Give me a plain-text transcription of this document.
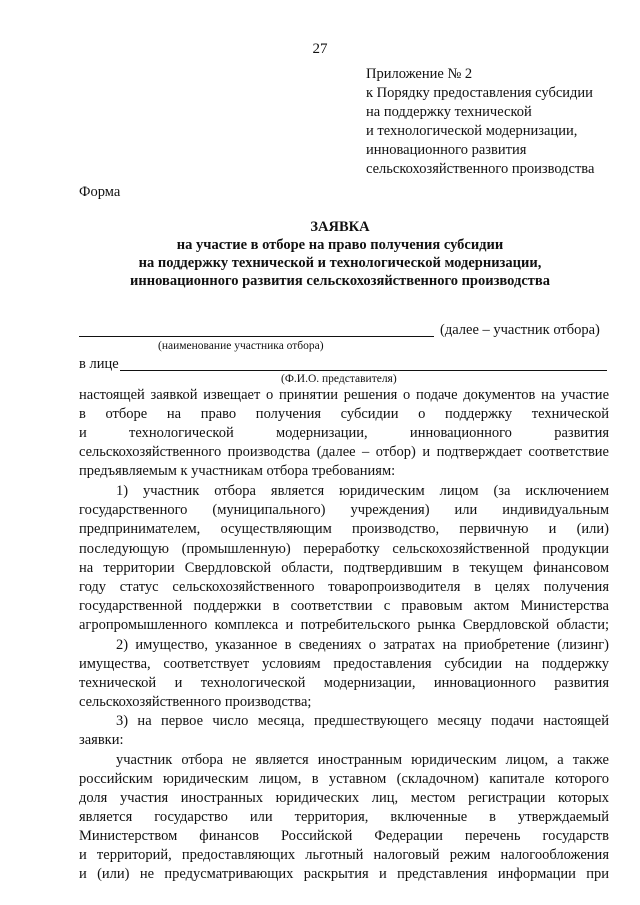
27
Приложение № 2
к Порядку предоставления субсидии
на поддержку технической
и технологической модернизации,
инновационного развития
сельскохозяйственного производства
Форма
ЗАЯВКА
на участие в отборе на право получения субсидии
на поддержку технической и технологической модернизации,
инновационного развития сельскохозяйственного производства
(далее – участник отбора)
(наименование участника отбора)
в лице
(Ф.И.О. представителя)
настоящей заявкой извещает о принятии решения о подаче документов на участие
в отборе на право получения субсидии о поддержку технической
и технологической модернизации, инновационного развития
сельскохозяйственного производства (далее – отбор) и подтверждает соответствие
предъявляемым к участникам отбора требованиям:
1) участник отбора является юридическим лицом (за исключением
государственного (муниципального) учреждения) или индивидуальным
предпринимателем, осуществляющим производство, первичную и (или)
последующую (промышленную) переработку сельскохозяйственной продукции
на территории Свердловской области, подтвердившим в текущем финансовом
году статус сельскохозяйственного товаропроизводителя в целях получения
государственной поддержки в соответствии с правовым актом Министерства
агропромышленного комплекса и потребительского рынка Свердловской области;
2) имущество, указанное в сведениях о затратах на приобретение (лизинг)
имущества, соответствует условиям предоставления субсидии на поддержку
технической и технологической модернизации, инновационного развития
сельскохозяйственного производства;
3) на первое число месяца, предшествующего месяцу подачи настоящей
заявки:
участник отбора не является иностранным юридическим лицом, а также
российским юридическим лицом, в уставном (складочном) капитале которого
доля участия иностранных юридических лиц, местом регистрации которых
является государство или территория, включенные в утверждаемый
Министерством финансов Российской Федерации перечень государств
и территорий, предоставляющих льготный налоговый режим налогообложения
и (или) не предусматривающих раскрытия и представления информации при
